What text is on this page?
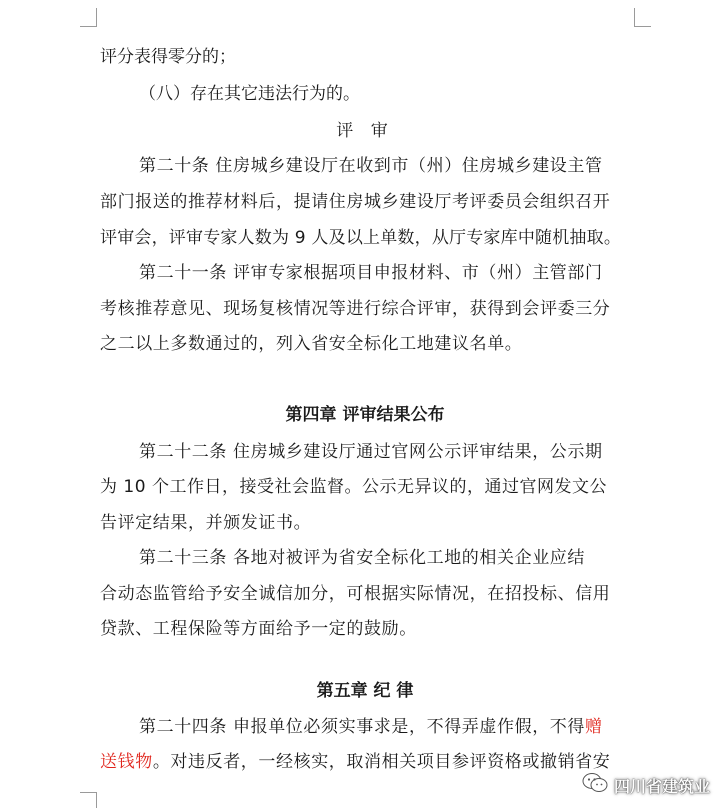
评分表得零分的；
（八）存在其它违法行为的。
评 审
第二十条 住房城乡建设厅在收到市（州）住房城乡建设主管
部门报送的推荐材料后，提请住房城乡建设厅考评委员会组织召开
评审会，评审专家人数为 9 人及以上单数，从厅专家库中随机抽取。
第二十一条 评审专家根据项目申报材料、市（州）主管部门
考核推荐意见、现场复核情况等进行综合评审，获得到会评委三分
之二以上多数通过的，列入省安全标化工地建议名单。
第四章 评审结果公布
第二十二条 住房城乡建设厅通过官网公示评审结果，公示期
为 10 个工作日，接受社会监督。公示无异议的，通过官网发文公
告评定结果，并颁发证书。
第二十三条 各地对被评为省安全标化工地的相关企业应结
合动态监管给予安全诚信加分，可根据实际情况，在招投标、信用
贷款、工程保险等方面给予一定的鼓励。
第五章 纪 律
第二十四条 申报单位必须实事求是，不得弄虚作假，不得赠
送钱物。对违反者，一经核实，取消相关项目参评资格或撤销省安
四川省建筑业
